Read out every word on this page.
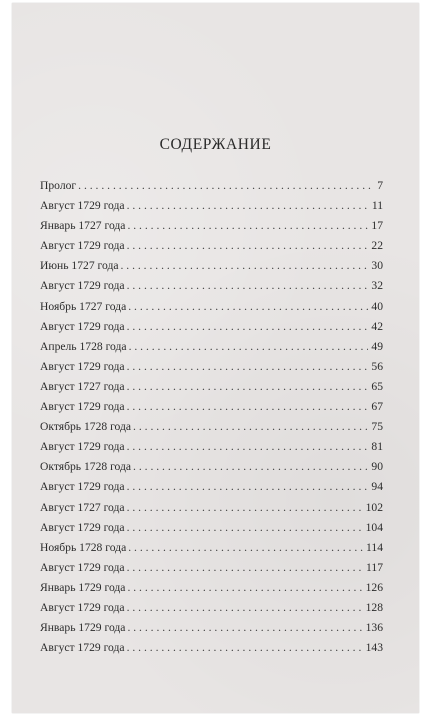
СОДЕРЖАНИЕ
Пролог . . .	7
Август 1729 года . . .	11
Январь 1727 года . . .	17
Август 1729 года . . .	22
Июнь 1727 года . . .	30
Август 1729 года . . .	32
Ноябрь 1727 года . . .	40
Август 1729 года . . .	42
Апрель 1728 года . . .	49
Август 1729 года . . .	56
Август 1727 года . . .	65
Август 1729 года . . .	67
Октябрь 1728 года . . .	75
Август 1729 года . . .	81
Октябрь 1728 года . . .	90
Август 1729 года . . .	94
Август 1727 года . . .	102
Август 1729 года . . .	104
Ноябрь 1728 года . . .	114
Август 1729 года . . .	117
Январь 1729 года . . .	126
Август 1729 года . . .	128
Январь 1729 года . . .	136
Август 1729 года . . .	143
